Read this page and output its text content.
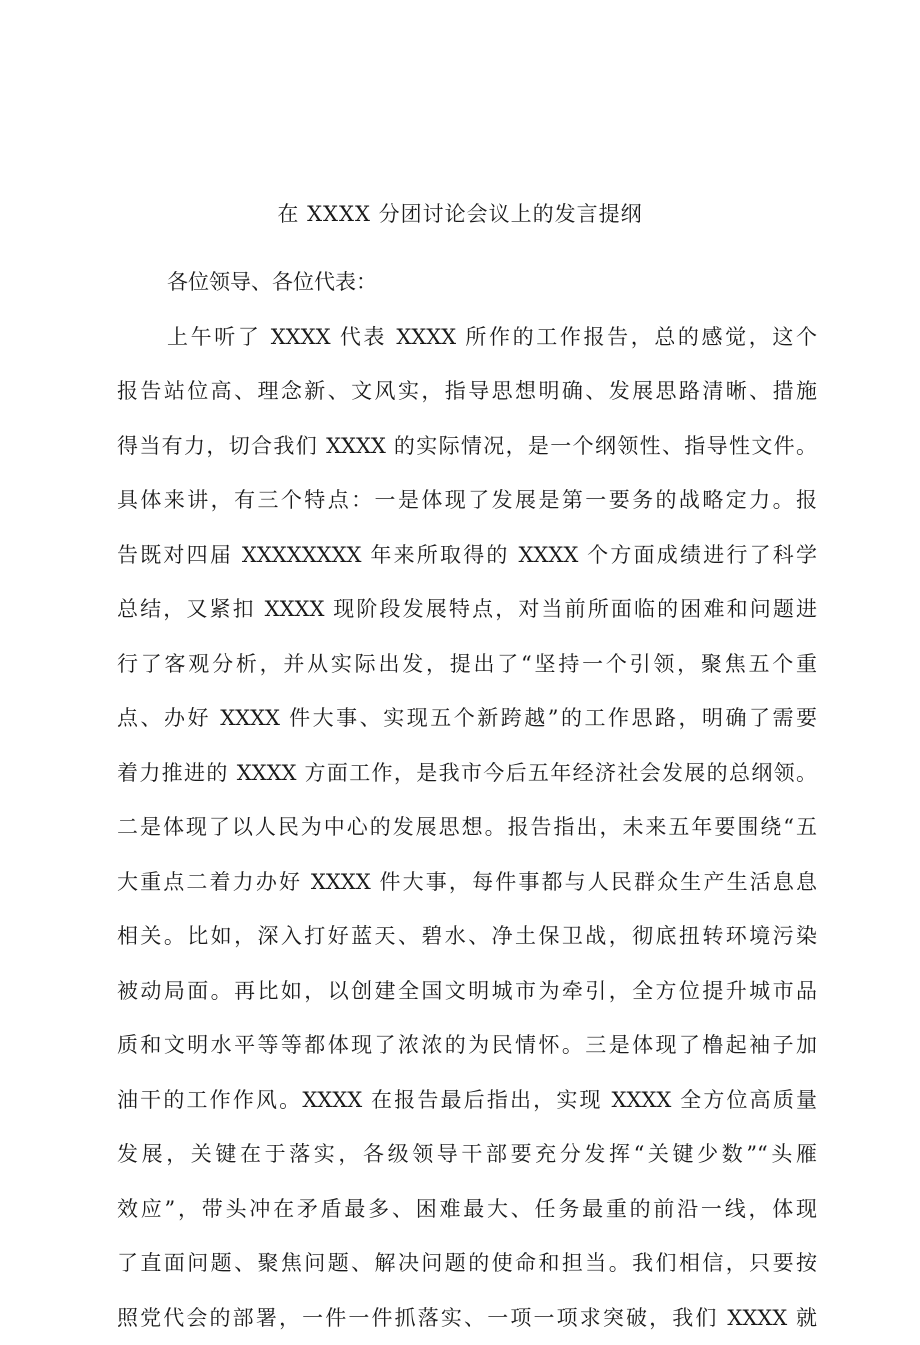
在 XXXX 分团讨论会议上的发言提纲
各位领导、各位代表：
上午听了 XXXX 代表 XXXX 所作的工作报告，总的感觉，这个
报告站位高、理念新、文风实，指导思想明确、发展思路清晰、措施
得当有力，切合我们 XXXX 的实际情况，是一个纲领性、指导性文件。
具体来讲，有三个特点：一是体现了发展是第一要务的战略定力。报
告既对四届 XXXXXXXX 年来所取得的 XXXX 个方面成绩进行了科学
总结，又紧扣 XXXX 现阶段发展特点，对当前所面临的困难和问题进
行了客观分析，并从实际出发，提出了“坚持一个引领，聚焦五个重
点、办好 XXXX 件大事、实现五个新跨越”的工作思路，明确了需要
着力推进的 XXXX 方面工作，是我市今后五年经济社会发展的总纲领。
二是体现了以人民为中心的发展思想。报告指出，未来五年要围绕“五
大重点二着力办好 XXXX 件大事，每件事都与人民群众生产生活息息
相关。比如，深入打好蓝天、碧水、净土保卫战，彻底扭转环境污染
被动局面。再比如，以创建全国文明城市为牵引，全方位提升城市品
质和文明水平等等都体现了浓浓的为民情怀。三是体现了橹起袖子加
油干的工作作风。XXXX 在报告最后指出，实现 XXXX 全方位高质量
发展，关键在于落实，各级领导干部要充分发挥“关键少数”“头雁
效应”，带头冲在矛盾最多、困难最大、任务最重的前沿一线，体现
了直面问题、聚焦问题、解决问题的使命和担当。我们相信，只要按
照党代会的部署，一件一件抓落实、一项一项求突破，我们 XXXX 就
